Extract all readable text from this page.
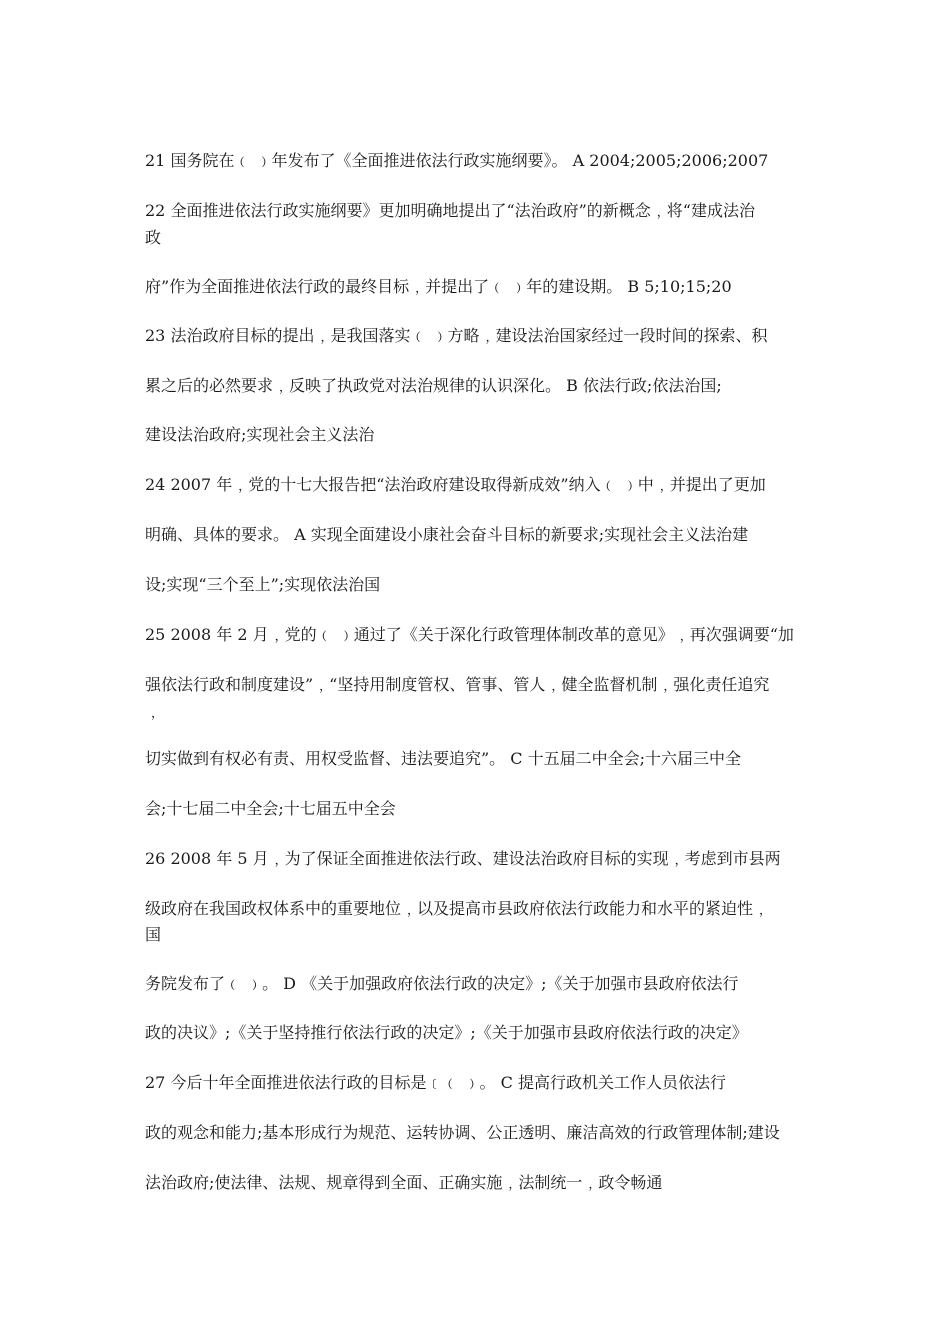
21 国务院在﹙ ﹚年发布了《全面推进依法行政实施纲要》。 A 2004;2005;2006;2007
22 全面推进依法行政实施纲要》更加明确地提出了“法治政府”的新概念﹐将“建成法治
政
府”作为全面推进依法行政的最终目标﹐并提出了﹙ ﹚年的建设期。 B 5;10;15;20
23 法治政府目标的提出﹐是我国落实﹙ ﹚方略﹐建设法治国家经过一段时间的探索、积
累之后的必然要求﹐反映了执政党对法治规律的认识深化。 B 依法行政;依法治国;
建设法治政府;实现社会主义法治
24 2007 年﹐党的十七大报告把“法治政府建设取得新成效”纳入﹙ ﹚中﹐并提出了更加
明确、具体的要求。 A 实现全面建设小康社会奋斗目标的新要求;实现社会主义法治建
设;实现“三个至上”;实现依法治国
25 2008 年 2 月﹐党的﹙ ﹚通过了《关于深化行政管理体制改革的意见》﹐再次强调要“加
强依法行政和制度建设”﹐“坚持用制度管权、管事、管人﹐健全监督机制﹐强化责任追究
﹐
切实做到有权必有责、用权受监督、违法要追究”。 C 十五届二中全会;十六届三中全
会;十七届二中全会;十七届五中全会
26 2008 年 5 月﹐为了保证全面推进依法行政、建设法治政府目标的实现﹐考虑到市县两
级政府在我国政权体系中的重要地位﹐以及提高市县政府依法行政能力和水平的紧迫性﹐
国
务院发布了﹙ ﹚。 D 《关于加强政府依法行政的决定》;《关于加强市县政府依法行
政的决议》;《关于坚持推行依法行政的决定》;《关于加强市县政府依法行政的决定》
27 今后十年全面推进依法行政的目标是﹝﹙ ﹚。 C 提高行政机关工作人员依法行
政的观念和能力;基本形成行为规范、运转协调、公正透明、廉洁高效的行政管理体制;建设
法治政府;使法律、法规、规章得到全面、正确实施﹐法制统一﹐政令畅通
